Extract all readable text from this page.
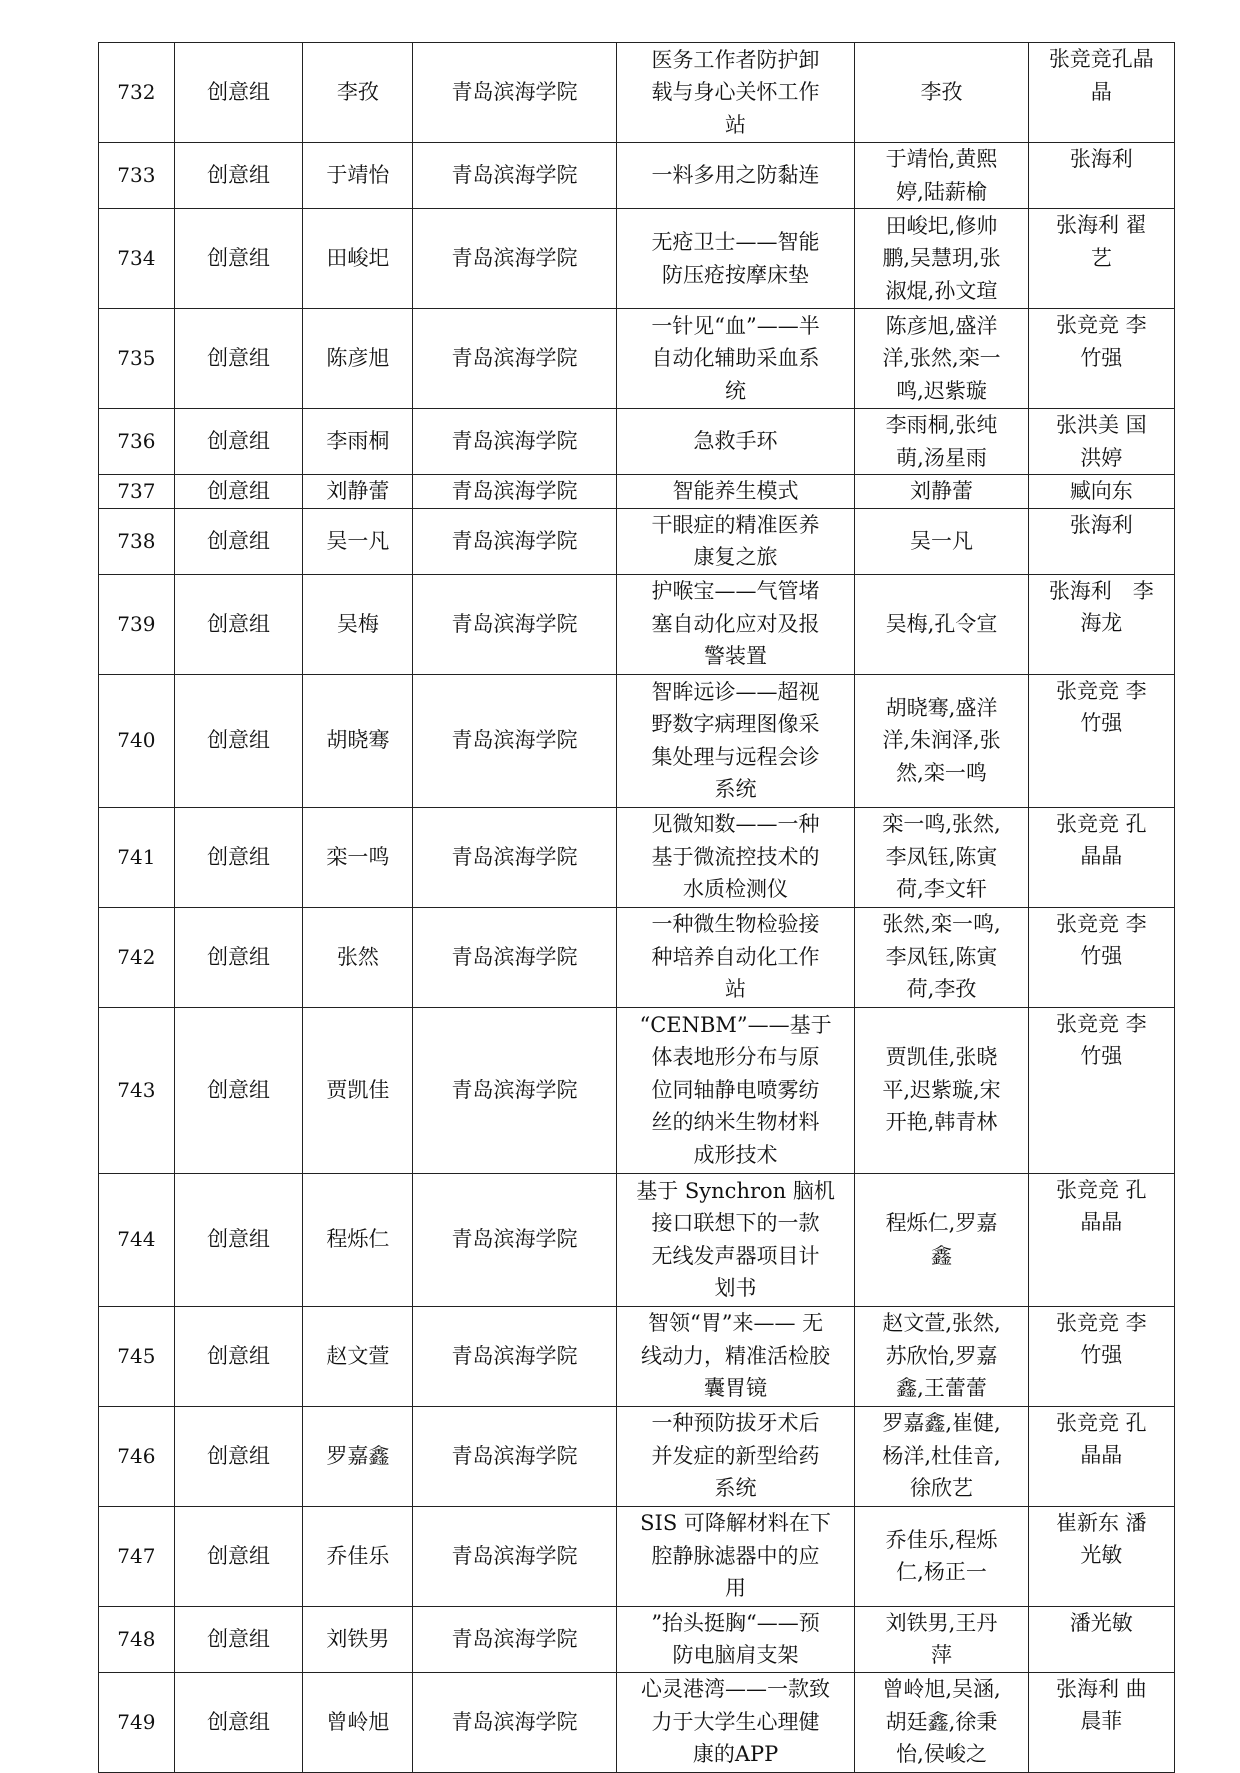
732	创意组	李孜	青岛滨海学院	医务工作者防护卸
载与身心关怀工作
站	李孜	张竞竞孔晶
晶

733	创意组	于靖怡	青岛滨海学院	一料多用之防黏连	于靖怡,黄熙
婷,陆薪榆	张海利

734	创意组	田峻圯	青岛滨海学院	无疮卫士——智能
防压疮按摩床垫	田峻圯,修帅
鹏,吴慧玥,张
淑焜,孙文瑄	张海利 翟
艺

735	创意组	陈彦旭	青岛滨海学院	一针见“血”——半
自动化辅助采血系
统	陈彦旭,盛洋
洋,张然,栾一
鸣,迟紫璇	张竞竞 李
竹强

736	创意组	李雨桐	青岛滨海学院	急救手环	李雨桐,张纯
萌,汤星雨	张洪美 国
洪婷

737	创意组	刘静蕾	青岛滨海学院	智能养生模式	刘静蕾	臧向东

738	创意组	吴一凡	青岛滨海学院	干眼症的精准医养
康复之旅	吴一凡	张海利

739	创意组	吴梅	青岛滨海学院	护喉宝——气管堵
塞自动化应对及报
警装置	吴梅,孔令宣	张海利　李
海龙

740	创意组	胡晓骞	青岛滨海学院	智眸远诊——超视
野数字病理图像采
集处理与远程会诊
系统	胡晓骞,盛洋
洋,朱润泽,张
然,栾一鸣	张竞竞 李
竹强

741	创意组	栾一鸣	青岛滨海学院	见微知数——一种
基于微流控技术的
水质检测仪	栾一鸣,张然,
李凤钰,陈寅
荷,李文轩	张竞竞 孔
晶晶

742	创意组	张然	青岛滨海学院	一种微生物检验接
种培养自动化工作
站	张然,栾一鸣,
李凤钰,陈寅
荷,李孜	张竞竞 李
竹强

743	创意组	贾凯佳	青岛滨海学院	“CENBM”——基于
体表地形分布与原
位同轴静电喷雾纺
丝的纳米生物材料
成形技术	贾凯佳,张晓
平,迟紫璇,宋
开艳,韩青林	张竞竞 李
竹强

744	创意组	程烁仁	青岛滨海学院	基于 Synchron 脑机
接口联想下的一款
无线发声器项目计
划书	程烁仁,罗嘉
鑫	张竞竞 孔
晶晶

745	创意组	赵文萱	青岛滨海学院	智领“胃”来—— 无
线动力，精准活检胶
囊胃镜	赵文萱,张然,
苏欣怡,罗嘉
鑫,王蕾蕾	张竞竞 李
竹强

746	创意组	罗嘉鑫	青岛滨海学院	一种预防拔牙术后
并发症的新型给药
系统	罗嘉鑫,崔健,
杨洋,杜佳音,
徐欣艺	张竞竞 孔
晶晶

747	创意组	乔佳乐	青岛滨海学院	SIS 可降解材料在下
腔静脉滤器中的应
用	乔佳乐,程烁
仁,杨正一	崔新东 潘
光敏

748	创意组	刘铁男	青岛滨海学院	”抬头挺胸“——预
防电脑肩支架	刘铁男,王丹
萍	潘光敏

749	创意组	曾岭旭	青岛滨海学院	心灵港湾——一款致
力于大学生心理健
康的APP	曾岭旭,吴涵,
胡廷鑫,徐秉
怡,侯峻之	张海利 曲
晨菲
